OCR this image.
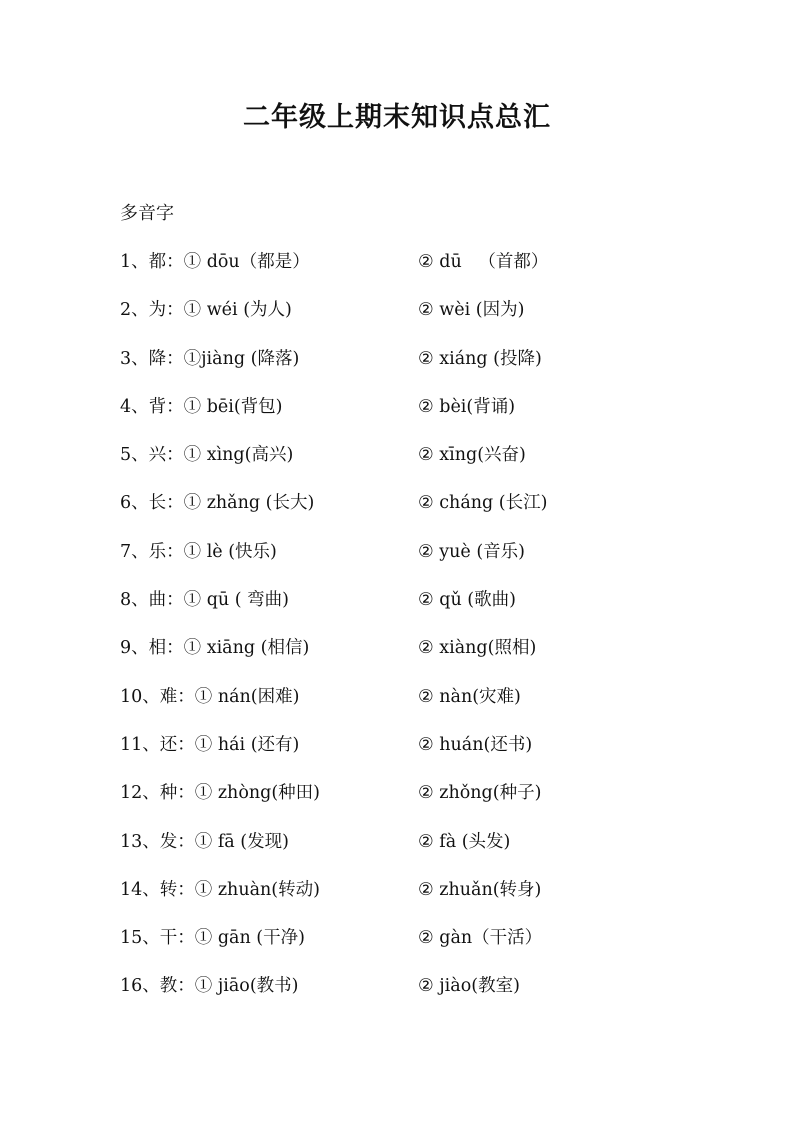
二年级上期末知识点总汇
多音字
1、都：① dōu（都是）	② dū   （首都）
2、为：① wéi (为人)	② wèi (因为)
3、降：①jiàng (降落)	② xiáng (投降)
4、背：① bēi(背包)	② bèi(背诵)
5、兴：① xìng(高兴)	② xīng(兴奋)
6、长：① zhǎng (长大)	② cháng (长江)
7、乐：① lè (快乐)	② yuè (音乐)
8、曲：① qū ( 弯曲)	② qǔ (歌曲)
9、相：① xiāng (相信)	② xiàng(照相)
10、难：① nán(困难)	② nàn(灾难)
11、还：① hái (还有)	② huán(还书)
12、种：① zhòng(种田)	② zhǒng(种子)
13、发：① fā (发现)	② fà (头发)
14、转：① zhuàn(转动)	② zhuǎn(转身)
15、干：① gān (干净)	② gàn（干活）
16、教：① jiāo(教书)	② jiào(教室)
